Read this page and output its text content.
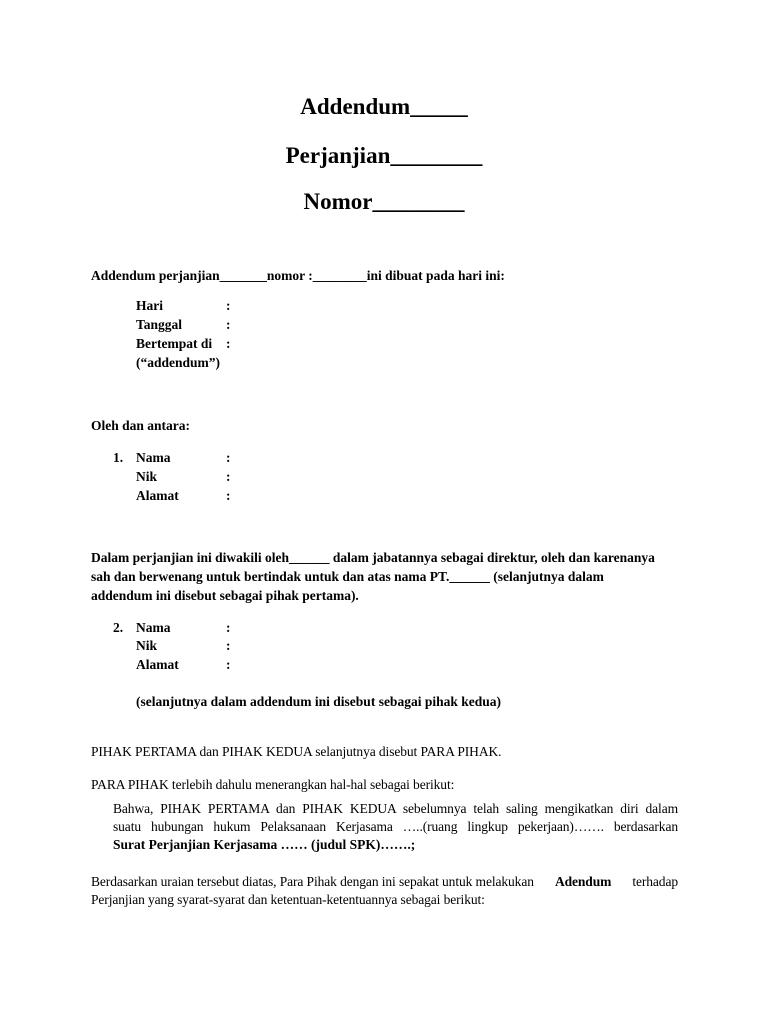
Addendum_____
Perjanjian________
Nomor________
Addendum perjanjian_______nomor :________ini dibuat pada hari ini:
Hari	:
Tanggal	:
Bertempat di :
(“addendum”)
Oleh dan antara:
1. Nama	:
Nik	:
Alamat	:
Dalam perjanjian ini diwakili oleh______ dalam jabatannya sebagai direktur, oleh dan karenanya
sah dan berwenang untuk bertindak untuk dan atas nama PT.______ (selanjutnya dalam
addendum ini disebut sebagai pihak pertama).
2. Nama	:
Nik	:
Alamat	:
(selanjutnya dalam addendum ini disebut sebagai pihak kedua)
PIHAK PERTAMA dan PIHAK KEDUA selanjutnya disebut PARA PIHAK.
PARA PIHAK terlebih dahulu menerangkan hal-hal sebagai berikut:
Bahwa, PIHAK PERTAMA dan PIHAK KEDUA sebelumnya telah saling mengikatkan diri dalam
suatu hubungan hukum Pelaksanaan Kerjasama …..(ruang lingkup pekerjaan)……. berdasarkan
Surat Perjanjian Kerjasama …… (judul SPK)…….;
Berdasarkan uraian tersebut diatas, Para Pihak dengan ini sepakat untuk melakukan Adendum terhadap
Perjanjian yang syarat-syarat dan ketentuan-ketentuannya sebagai berikut:
